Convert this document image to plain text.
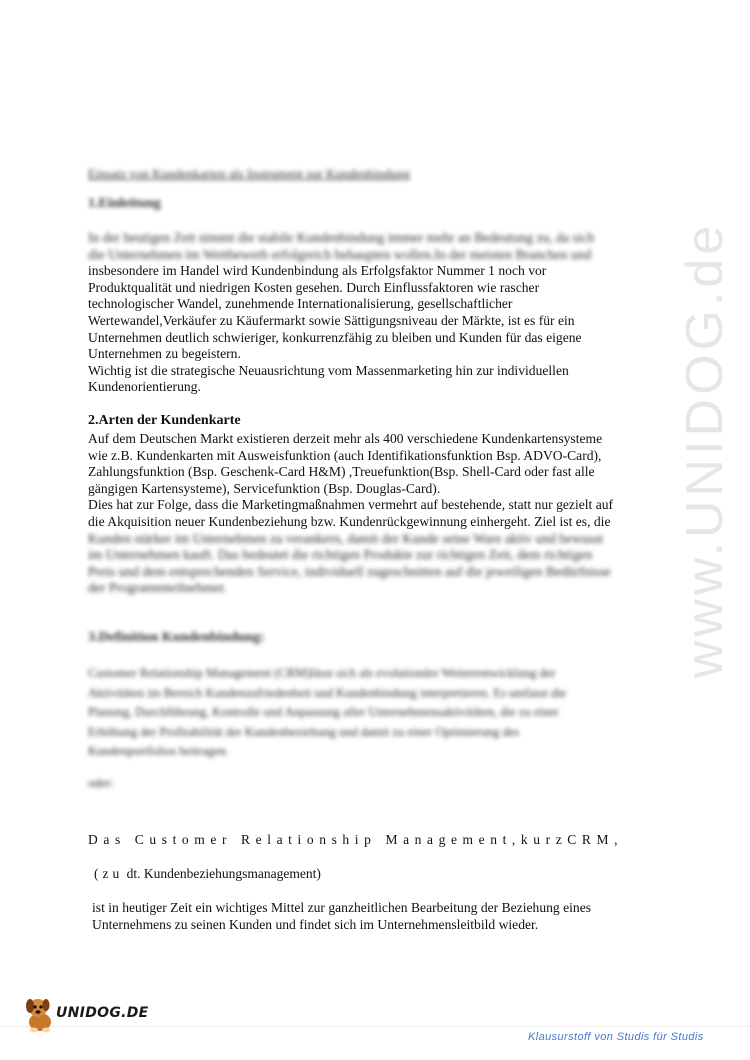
www.UNIDOG.de
Einsatz von Kundenkarten als Instrument zur Kundenbindung
1.Einleitung
In der heutigen Zeit nimmt die stabile Kundenbindung immer mehr an Bedeutung zu, da sich
die Unternehmen im Wettbewerb erfolgreich behaupten wollen.In der meisten Branchen und
insbesondere im Handel wird Kundenbindung als Erfolgsfaktor Nummer 1 noch vor
Produktqualität und niedrigen Kosten gesehen. Durch Einflussfaktoren wie rascher
technologischer Wandel, zunehmende Internationalisierung, gesellschaftlicher
Wertewandel,Verkäufer zu Käufermarkt sowie Sättigungsniveau der Märkte, ist es für ein
Unternehmen deutlich schwieriger, konkurrenzfähig zu bleiben und Kunden für das eigene
Unternehmen zu begeistern.
Wichtig ist die strategische Neuausrichtung vom Massenmarketing hin zur individuellen
Kundenorientierung.
2.Arten der Kundenkarte
Auf dem Deutschen Markt existieren derzeit mehr als 400 verschiedene Kundenkartensysteme
wie z.B. Kundenkarten mit Ausweisfunktion (auch Identifikationsfunktion Bsp. ADVO-Card),
Zahlungsfunktion (Bsp. Geschenk-Card H&M) ,Treuefunktion(Bsp. Shell-Card oder fast alle
gängigen Kartensysteme), Servicefunktion (Bsp. Douglas-Card).
Dies hat zur Folge, dass die Marketingmaßnahmen vermehrt auf bestehende, statt nur gezielt auf
die Akquisition neuer Kundenbeziehung bzw. Kundenrückgewinnung einhergeht. Ziel ist es, die
Kunden stärker im Unternehmen zu verankern, damit der Kunde seine Ware aktiv und bewusst
im Unternehmen kauft. Das bedeutet die richtigen Produkte zur richtigen Zeit, dem richtigen
Preis und dem entsprechenden Service, individuell zugeschnitten auf die jeweiligen Bedürfnisse
der Programmteilnehmer.
3.Definition Kundenbindung:
Customer Relationship Management (CRM)lässt sich als evolutionäre Weiterentwicklung der
Aktivitäten im Bereich Kundenzufriedenheit und Kundenbindung interpretieren. Es umfasst die
Planung, Durchführung, Kontrolle und Anpassung aller Unternehmensaktivitäten, die zu einer
Erhöhung der Profitabilität der Kundenbeziehung und damit zu einer Optimierung des
Kundenportfolios beitragen.
oder:
Das Customer Relationship Management,kurzCRM,
(zu dt. Kundenbeziehungsmanagement)
ist in heutiger Zeit ein wichtiges Mittel zur ganzheitlichen Bearbeitung der Beziehung eines
Unternehmens zu seinen Kunden und findet sich im Unternehmensleitbild wieder.
UNIDOG.DE
Klausurstoff von Studis für Studis
